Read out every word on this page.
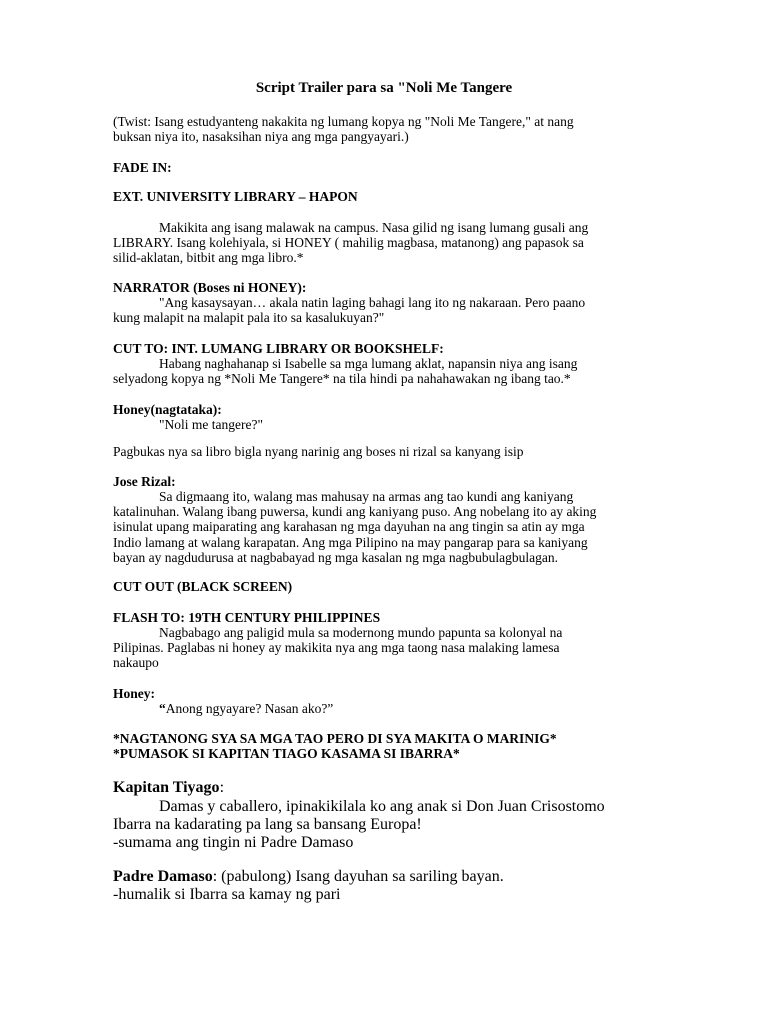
Script Trailer para sa "Noli Me Tangere
(Twist: Isang estudyanteng nakakita ng lumang kopya ng "Noli Me Tangere," at nang
buksan niya ito, nasaksihan niya ang mga pangyayari.)
FADE IN:
EXT. UNIVERSITY LIBRARY – HAPON
Makikita ang isang malawak na campus. Nasa gilid ng isang lumang gusali ang
LIBRARY. Isang kolehiyala, si HONEY ( mahilig magbasa, matanong) ang papasok sa
silid-aklatan, bitbit ang mga libro.*
NARRATOR (Boses ni HONEY):
"Ang kasaysayan… akala natin laging bahagi lang ito ng nakaraan. Pero paano
kung malapit na malapit pala ito sa kasalukuyan?"
CUT TO: INT. LUMANG LIBRARY OR BOOKSHELF:
Habang naghahanap si Isabelle sa mga lumang aklat, napansin niya ang isang
selyadong kopya ng *Noli Me Tangere* na tila hindi pa nahahawakan ng ibang tao.*
Honey(nagtataka):
"Noli me tangere?"
Pagbukas nya sa libro bigla nyang narinig ang boses ni rizal sa kanyang isip
Jose Rizal:
Sa digmaang ito, walang mas mahusay na armas ang tao kundi ang kaniyang
katalinuhan. Walang ibang puwersa, kundi ang kaniyang puso. Ang nobelang ito ay aking
isinulat upang maiparating ang karahasan ng mga dayuhan na ang tingin sa atin ay mga
Indio lamang at walang karapatan. Ang mga Pilipino na may pangarap para sa kaniyang
bayan ay nagdudurusa at nagbabayad ng mga kasalan ng mga nagbubulagbulagan.
CUT OUT (BLACK SCREEN)
FLASH TO: 19TH CENTURY PHILIPPINES
Nagbabago ang paligid mula sa modernong mundo papunta sa kolonyal na
Pilipinas. Paglabas ni honey ay makikita nya ang mga taong nasa malaking lamesa
nakaupo
Honey:
“Anong ngyayare? Nasan ako?”
*NAGTANONG SYA SA MGA TAO PERO DI SYA MAKITA O MARINIG*
*PUMASOK SI KAPITAN TIAGO KASAMA SI IBARRA*
Kapitan Tiyago:
Damas y caballero, ipinakikilala ko ang anak si Don Juan Crisostomo
Ibarra na kadarating pa lang sa bansang Europa!
-sumama ang tingin ni Padre Damaso
Padre Damaso: (pabulong) Isang dayuhan sa sariling bayan.
-humalik si Ibarra sa kamay ng pari
